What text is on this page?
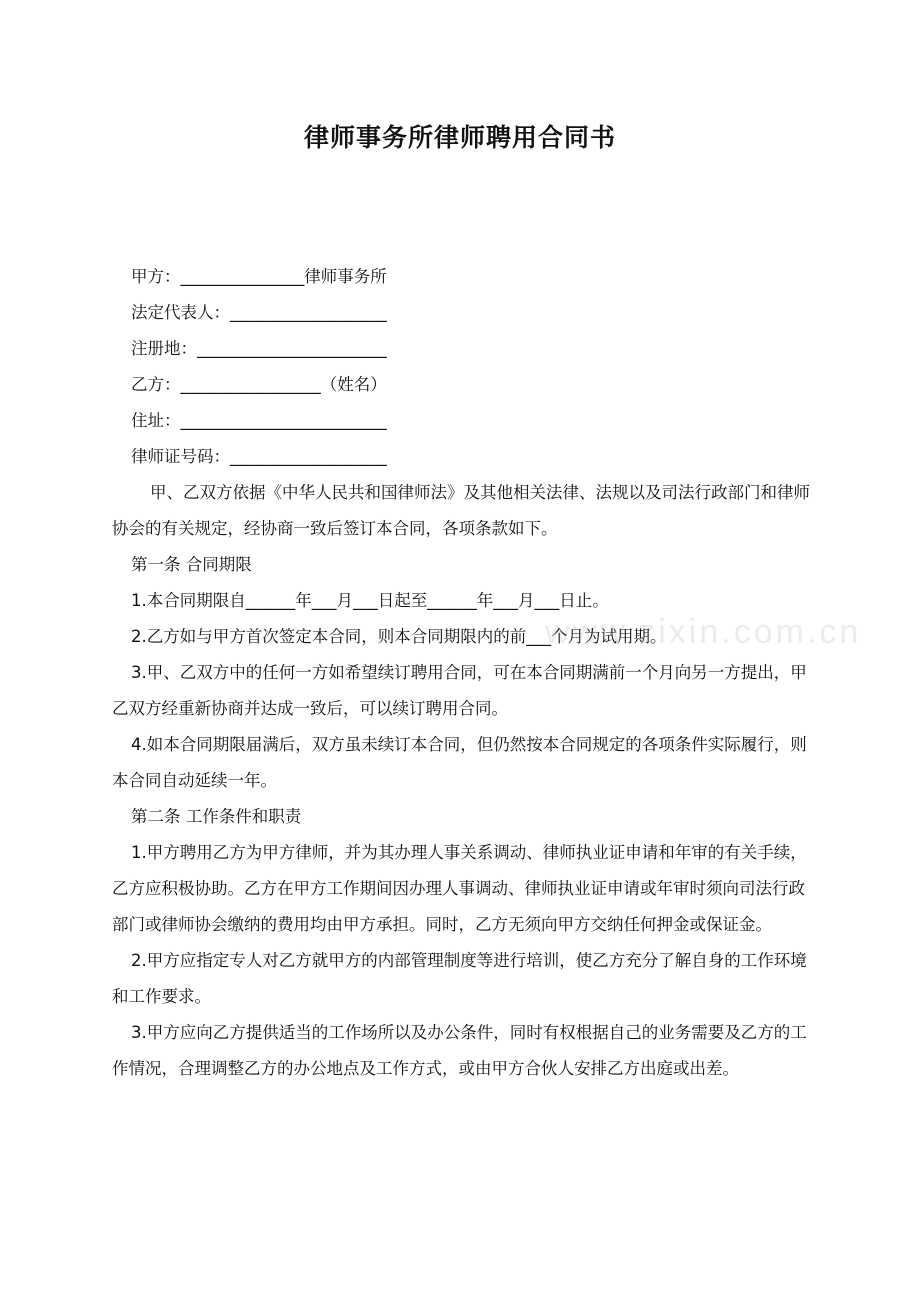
律师事务所律师聘用合同书

甲方：_______________律师事务所

法定代表人：___________________

注册地：_______________________

乙方：_________________（姓名）

住址：_________________________

律师证号码：___________________

甲、乙双方依据《中华人民共和国律师法》及其他相关法律、法规以及司法行政部门和律师协会的有关规定，经协商一致后签订本合同，各项条款如下。

第一条 合同期限

1.本合同期限自______年___月___日起至______年___月___日止。

2.乙方如与甲方首次签定本合同，则本合同期限内的前___个月为试用期。

3.甲、乙双方中的任何一方如希望续订聘用合同，可在本合同期满前一个月向另一方提出，甲乙双方经重新协商并达成一致后，可以续订聘用合同。

4.如本合同期限届满后，双方虽未续订本合同，但仍然按本合同规定的各项条件实际履行，则本合同自动延续一年。

第二条 工作条件和职责

1.甲方聘用乙方为甲方律师，并为其办理人事关系调动、律师执业证申请和年审的有关手续，乙方应积极协助。乙方在甲方工作期间因办理人事调动、律师执业证申请或年审时须向司法行政部门或律师协会缴纳的费用均由甲方承担。同时，乙方无须向甲方交纳任何押金或保证金。

2.甲方应指定专人对乙方就甲方的内部管理制度等进行培训，使乙方充分了解自身的工作环境和工作要求。

3.甲方应向乙方提供适当的工作场所以及办公条件，同时有权根据自己的业务需要及乙方的工作情况，合理调整乙方的办公地点及工作方式，或由甲方合伙人安排乙方出庭或出差。

www.zixin.com.cn
